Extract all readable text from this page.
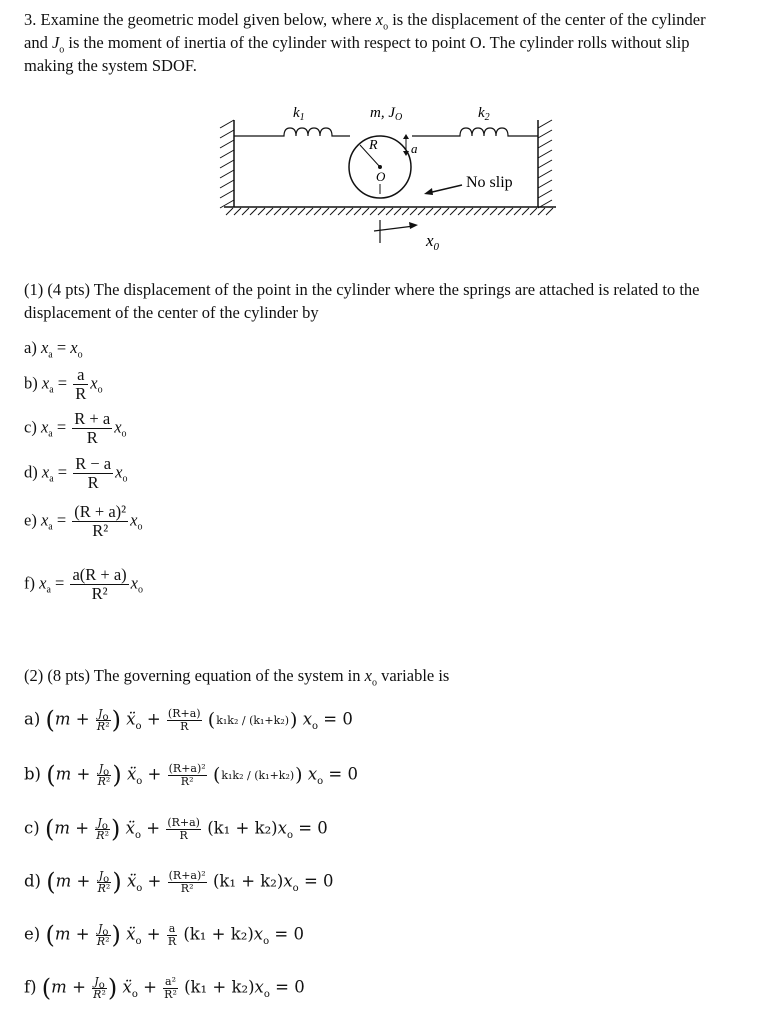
3. Examine the geometric model given below, where $x_o$ is the displacement of the center of the cylinder
and $J_o$ is the moment of inertia of the cylinder with respect to point O. The cylinder rolls without slip
making the system SDOF.
$k_1$	m, $J_O$	$k_2$
R	a
O	No slip
$x_0$
(1) (4 pts) The displacement of the point in the cylinder where the springs are attached is related to the displacement of the center of the cylinder by
a) $x_a = x_o$
b) $x_a = \frac{a}{R} x_o$
c) $x_a = \frac{R + a}{R} x_o$
d) $x_a = \frac{R - a}{R} x_o$
e) $x_a = \frac{\text{(R + a)²}}{\text{R²}} x_o$
f) $x_a = \frac{a(R + a)}{\text{R²}} x_o$
(2) (8 pts) The governing equation of the system in $x_o$ variable is
a) ($m + \frac{J_o}{\text{R²}}$ ) ẍ$_o$ + $\frac{(R+a)}{R} (k_1k_2 / (k_1+k_2)) x_o = 0$
b) ($m + \frac{J_o}{\text{R²}}$ ) ẍ$_o$ + $\frac{\text{(R+a)²}}{\text{R²}} (k_1k_2 / (k_1+k_2)) x_o = 0$
c) ($m + \frac{J_o}{\text{R²}}$ ) ẍ$_o$ + $\frac{(R+a)}{R} (k_1 + k_2)x_o = 0$
d) ($m + \frac{J_o}{\text{R²}}$ ) ẍ$_o$ + $\frac{\text{(R+a)²}}{\text{R²}} (k_1 + k_2)x_o = 0$
e) ($m + \frac{J_o}{\text{R²}}$ ) ẍ$_o$ + $\frac{a}{R} (k_1 + k_2)x_o = 0$
f) ($m + \frac{J_o}{\text{R²}}$ ) ẍ$_o$ + $\frac{\text{a²}}{\text{R²}} (k_1 + k_2)x_o = 0$
